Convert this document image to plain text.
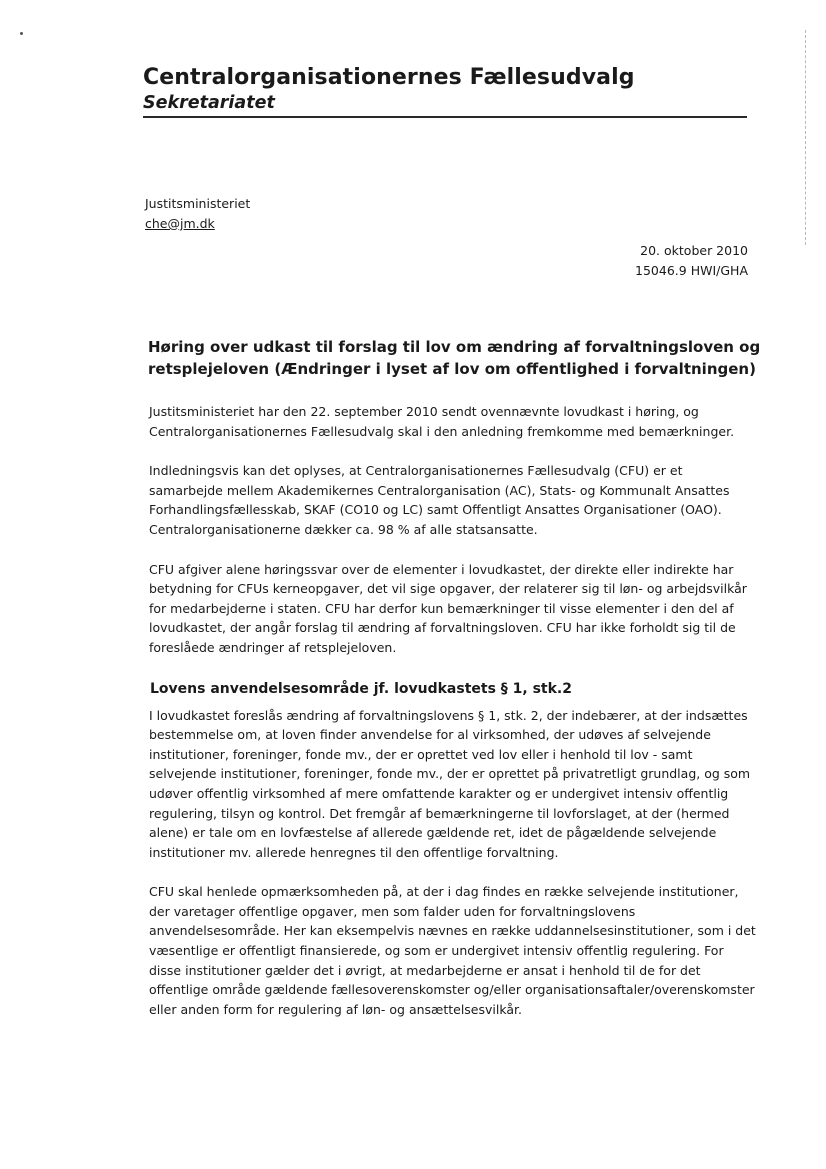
Centralorganisationernes Fællesudvalg
Sekretariatet
Justitsministeriet
che@jm.dk
20. oktober 2010
15046.9 HWI/GHA
Høring over udkast til forslag til lov om ændring af forvaltningsloven og retsplejeloven (Ændringer i lyset af lov om offentlighed i forvaltningen)

Justitsministeriet har den 22. september 2010 sendt ovennævnte lovudkast i høring, og Centralorganisationernes Fællesudvalg skal i den anledning fremkomme med bemærkninger.

Indledningsvis kan det oplyses, at Centralorganisationernes Fællesudvalg (CFU) er et samarbejde mellem Akademikernes Centralorganisation (AC), Stats- og Kommunalt Ansattes Forhandlingsfællesskab, SKAF (CO10 og LC) samt Offentligt Ansattes Organisationer (OAO). Centralorganisationerne dækker ca. 98 % af alle statsansatte.

CFU afgiver alene høringssvar over de elementer i lovudkastet, der direkte eller indirekte har betydning for CFUs kerneopgaver, det vil sige opgaver, der relaterer sig til løn- og arbejdsvilkår for medarbejderne i staten. CFU har derfor kun bemærkninger til visse elementer i den del af lovudkastet, der angår forslag til ændring af forvaltningsloven. CFU har ikke forholdt sig til de foreslåede ændringer af retsplejeloven.

Lovens anvendelsesområde jf. lovudkastets § 1, stk.2

I lovudkastet foreslås ændring af forvaltningslovens § 1, stk. 2, der indebærer, at der indsættes bestemmelse om, at loven finder anvendelse for al virksomhed, der udøves af selvejende institutioner, foreninger, fonde mv., der er oprettet ved lov eller i henhold til lov - samt selvejende institutioner, foreninger, fonde mv., der er oprettet på privatretligt grundlag, og som udøver offentlig virksomhed af mere omfattende karakter og er undergivet intensiv offentlig regulering, tilsyn og kontrol. Det fremgår af bemærkningerne til lovforslaget, at der (hermed alene) er tale om en lovfæstelse af allerede gældende ret, idet de pågældende selvejende institutioner mv. allerede henregnes til den offentlige forvaltning.

CFU skal henlede opmærksomheden på, at der i dag findes en række selvejende institutioner, der varetager offentlige opgaver, men som falder uden for forvaltningslovens anvendelsesområde. Her kan eksempelvis nævnes en række uddannelsesinstitutioner, som i det væsentlige er offentligt finansierede, og som er undergivet intensiv offentlig regulering. For disse institutioner gælder det i øvrigt, at medarbejderne er ansat i henhold til de for det offentlige område gældende fællesoverenskomster og/eller organisationsaftaler/overenskomster eller anden form for regulering af løn- og ansættelsesvilkår.
